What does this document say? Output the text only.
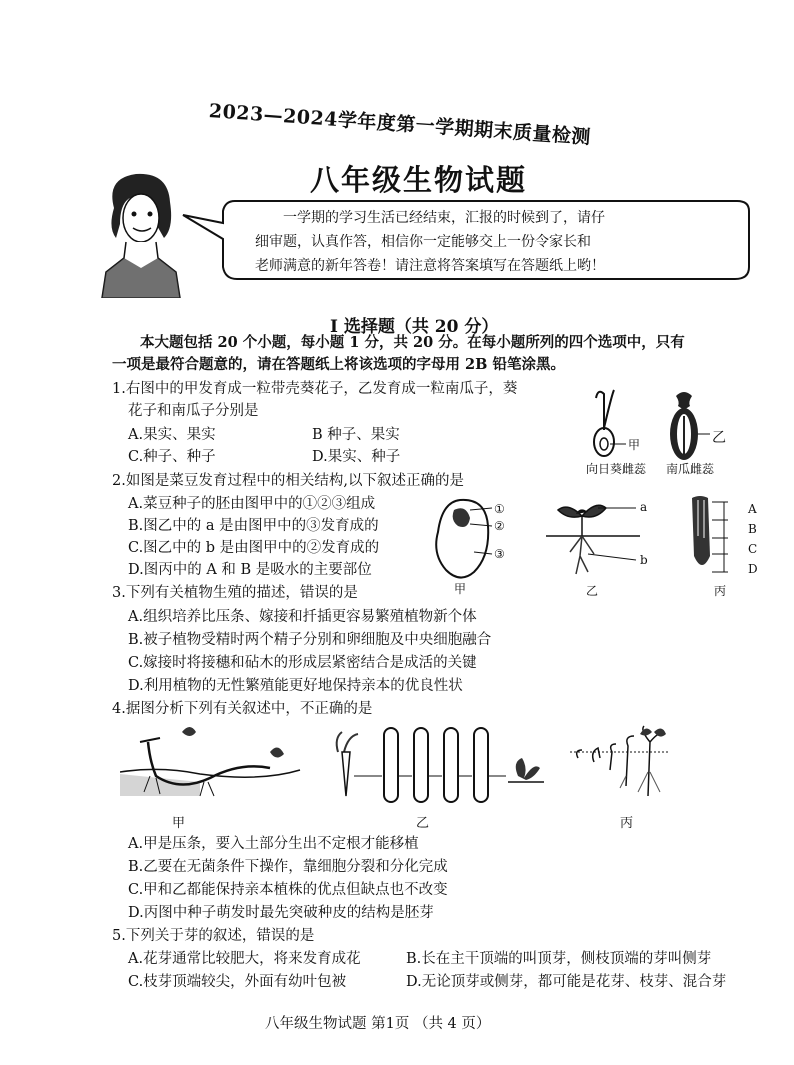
2023—2024学年度第一学期期末质量检测
八年级生物试题
一学期的学习生活已经结束，汇报的时候到了，请仔
细审题，认真作答，相信你一定能够交上一份令家长和
老师满意的新年答卷！请注意将答案填写在答题纸上哟！
I 选择题（共 20 分）
本大题包括 20 个小题，每小题 1 分，共 20 分。在每小题所列的四个选项中，只有
一项是最符合题意的，请在答题纸上将该选项的字母用 2B 铅笔涂黑。
1.右图中的甲发育成一粒带壳葵花子，乙发育成一粒南瓜子，葵
花子和南瓜子分别是
A.果实、果实	B 种子、果实
C.种子、种子	D.果实、种子
甲	乙
向日葵雌蕊 南瓜雌蕊
2.如图是菜豆发育过程中的相关结构,以下叙述正确的是
A.菜豆种子的胚由图甲中的①②③组成
B.图乙中的 a 是由图甲中的③发育成的
C.图乙中的 b 是由图甲中的②发育成的
D.图丙中的 A 和 B 是吸水的主要部位
①
②
③
a
b
A
B
C
D
甲	乙	丙
3.下列有关植物生殖的描述，错误的是
A.组织培养比压条、嫁接和扦插更容易繁殖植物新个体
B.被子植物受精时两个精子分别和卵细胞及中央细胞融合
C.嫁接时将接穗和砧木的形成层紧密结合是成活的关键
D.利用植物的无性繁殖能更好地保持亲本的优良性状
4.据图分析下列有关叙述中，不正确的是
甲	乙	丙
A.甲是压条，要入土部分生出不定根才能移植
B.乙要在无菌条件下操作，靠细胞分裂和分化完成
C.甲和乙都能保持亲本植株的优点但缺点也不改变
D.丙图中种子萌发时最先突破种皮的结构是胚芽
5.下列关于芽的叙述，错误的是
A.花芽通常比较肥大，将来发育成花	B.长在主干顶端的叫顶芽，侧枝顶端的芽叫侧芽
C.枝芽顶端较尖，外面有幼叶包被	D.无论顶芽或侧芽，都可能是花芽、枝芽、混合芽
八年级生物试题 第1页 （共 4 页）
